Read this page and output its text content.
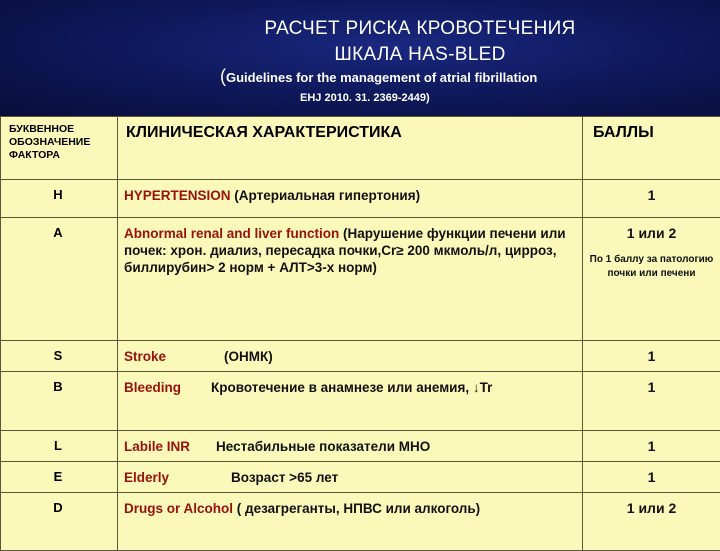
РАСЧЕТ РИСКА КРОВОТЕЧЕНИЯ
ШКАЛА HAS-BLED
(Guidelines for the management of atrial fibrillation
EHJ 2010. 31. 2369-2449)
БУКВЕННОЕ ОБОЗНАЧЕНИЕ ФАКТОРА	КЛИНИЧЕСКАЯ ХАРАКТЕРИСТИКА	БАЛЛЫ
H	HYPERTENSION (Артериальная гипертония)	1
A	Abnormal renal and liver function (Нарушение функции печени или почек: хрон. диализ, пересадка почки,Cr≥ 200 мкмоль/л, цирроз, биллирубин> 2 норм + АЛТ>3-х норм)	1 или 2
По 1 баллу за патологию почки или печени

S	Stroke (ОНМК)	1
B	Bleeding Кровотечение в анамнезе или анемия, ↓Tr	1
L	Labile INR Нестабильные показатели МНО	1
E	Elderly Возраст >65 лет	1
D	Drugs or Alcohol ( дезагреганты, НПВС или алкоголь)	1 или 2
